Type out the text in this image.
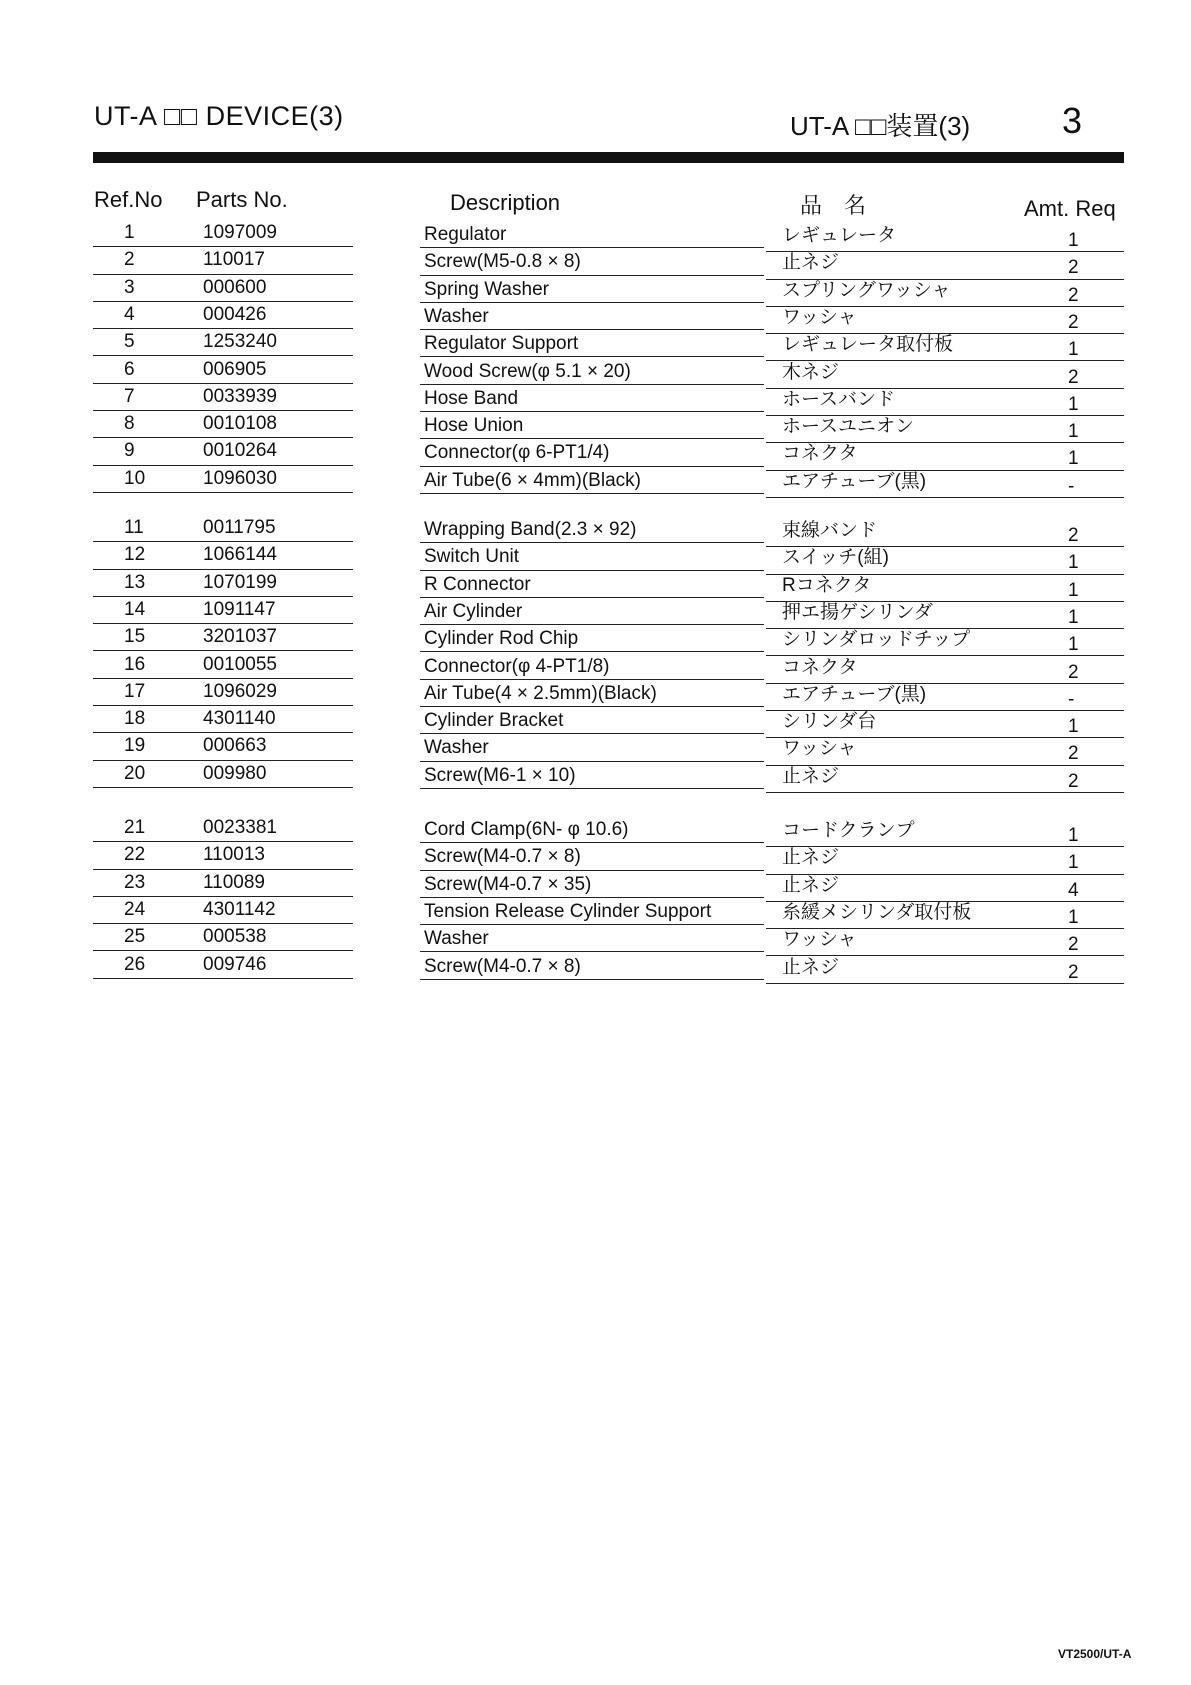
UT-A □□ DEVICE(3)	UT-A □□装置(3)	3
Ref.No Parts No.	Description	品　名	Amt. Req
1	1097009	Regulator	レギュレータ	1
2	110017	Screw(M5-0.8 × 8)	止ネジ	2
3	000600	Spring Washer	スプリングワッシャ	2
4	000426	Washer	ワッシャ	2
5	1253240	Regulator Support	レギュレータ取付板	1
6	006905	Wood Screw(φ 5.1 × 20)	木ネジ	2
7	0033939	Hose Band	ホースバンド	1
8	0010108	Hose Union	ホースユニオン	1
9	0010264	Connector(φ 6-PT1/4)	コネクタ	1
10	1096030	Air Tube(6 × 4mm)(Black)	エアチューブ(黒)	-
11	0011795	Wrapping Band(2.3 × 92)	束線バンド	2
12	1066144	Switch Unit	スイッチ(組)	1
13	1070199	R Connector	Rコネクタ	1
14	1091147	Air Cylinder	押エ揚ゲシリンダ	1
15	3201037	Cylinder Rod Chip	シリンダロッドチップ	1
16	0010055	Connector(φ 4-PT1/8)	コネクタ	2
17	1096029	Air Tube(4 × 2.5mm)(Black)	エアチューブ(黒)	-
18	4301140	Cylinder Bracket	シリンダ台	1
19	000663	Washer	ワッシャ	2
20	009980	Screw(M6-1 × 10)	止ネジ	2
21	0023381	Cord Clamp(6N- φ 10.6)	コードクランプ	1
22	110013	Screw(M4-0.7 × 8)	止ネジ	1
23	110089	Screw(M4-0.7 × 35)	止ネジ	4
24	4301142	Tension Release Cylinder Support	糸緩メシリンダ取付板	1
25	000538	Washer	ワッシャ	2
26	009746	Screw(M4-0.7 × 8)	止ネジ	2
VT2500/UT-A
